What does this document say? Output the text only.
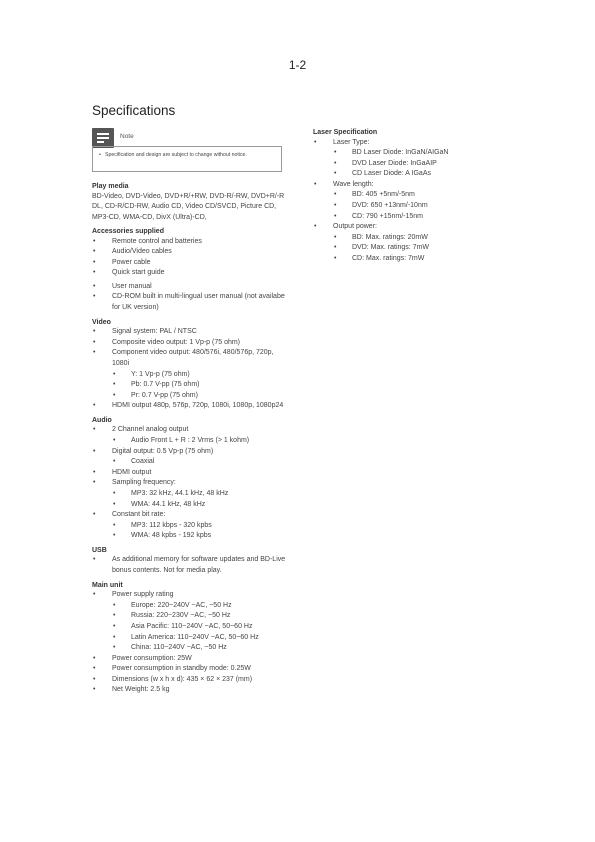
1-2
Specifications
Note
• Specification and design are subject to change without notice.
Play media
BD-Video, DVD-Video, DVD+R/+RW, DVD-R/-RW, DVD+R/-R DL, CD-R/CD-RW, Audio CD, Video CD/SVCD, Picture CD, MP3-CD, WMA-CD, DivX (Ultra)-CD,
Accessories supplied
• Remote control and batteries
• Audio/Video cables
• Power cable
• Quick start guide
• User manual
• CD-ROM built in multi-lingual user manual (not availabe for UK version)
Video
• Signal system: PAL / NTSC
• Composite video output: 1 Vp-p (75 ohm)
• Component video output: 480/576i, 480/576p, 720p, 1080i
• Y: 1 Vp-p (75 ohm)
• Pb: 0.7 V-pp (75 ohm)
• Pr: 0.7 V-pp (75 ohm)
• HDMI output 480p, 576p, 720p, 1080i, 1080p, 1080p24
Audio
• 2 Channel analog output
• Audio Front L + R : 2 Vrms (> 1 kohm)
• Digital output: 0.5 Vp-p (75 ohm)
• Coaxial
• HDMI output
• Sampling frequency:
• MP3: 32 kHz, 44.1 kHz, 48 kHz
• WMA: 44.1 kHz, 48 kHz
• Constant bit rate:
• MP3: 112 kbps - 320 kpbs
• WMA: 48 kpbs - 192 kpbs
USB
• As additional memory for software updates and BD-Live bonus contents. Not for media play.
Main unit
• Power supply rating
• Europe: 220~240V ~AC, ~50 Hz
• Russia: 220~230V ~AC, ~50 Hz
• Asia Pacific: 110~240V ~AC, 50~60 Hz
• Latin America: 110~240V ~AC, 50~60 Hz
• China: 110~240V ~AC, ~50 Hz
• Power consumption: 25W
• Power consumption in standby mode: 0.25W
• Dimensions (w x h x d): 435 × 62 × 237 (mm)
• Net Weight: 2.5 kg
Laser Specification
• Laser Type:
• BD Laser Diode: InGaN/AIGaN
• DVD Laser Diode: InGaAIP
• CD Laser Diode: A IGaAs
• Wave length:
• BD: 405 +5nm/-5nm
• DVD: 650 +13nm/-10nm
• CD: 790 +15nm/-15nm
• Output power:
• BD: Max. ratings: 20mW
• DVD: Max. ratings: 7mW
• CD: Max. ratings: 7mW
